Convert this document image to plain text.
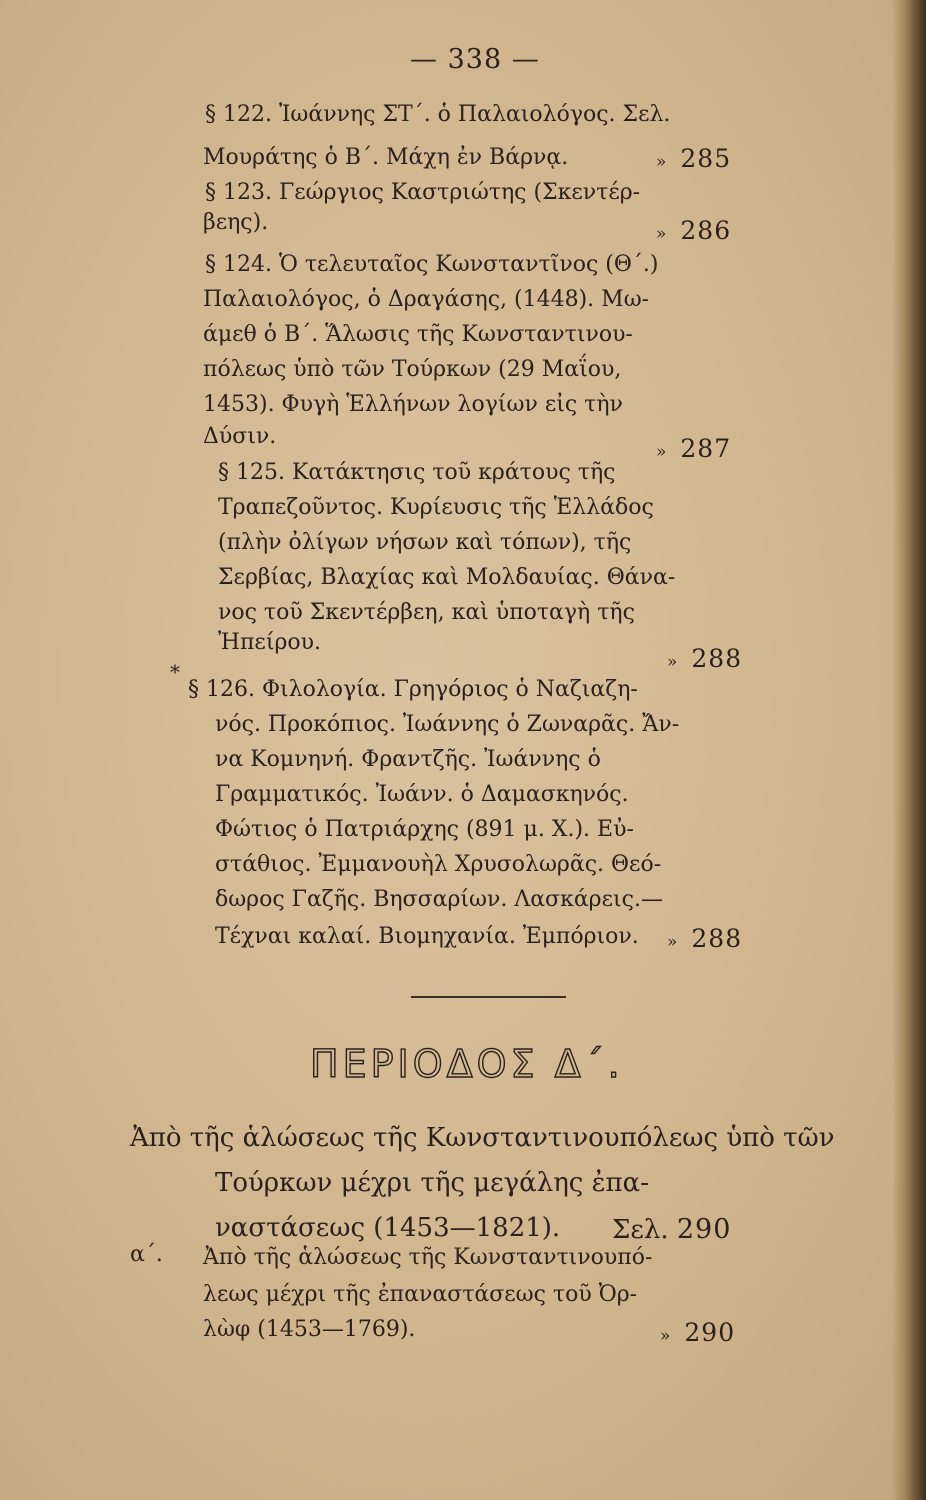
— 338 —
§ 122. Ἰωάννης ΣΤ΄. ὁ Παλαιολόγος. Σελ.
Μουράτης ὁ Β΄. Μάχη ἐν Βάρνᾳ.	» 285
§ 123. Γεώργιος Καστριώτης (Σκεντέρ-
βεης).	» 286
§ 124. Ὁ τελευταῖος Κωνσταντῖνος (Θ΄.)
Παλαιολόγος, ὁ Δραγάσης, (1448). Μω-
άμεθ ὁ Β΄. Ἅλωσις τῆς Κωνσταντινου-
πόλεως ὑπὸ τῶν Τούρκων (29 Μαΐου,
1453). Φυγὴ Ἑλλήνων λογίων εἰς τὴν
Δύσιν.
» 287
§ 125. Κατάκτησις τοῦ κράτους τῆς
Τραπεζοῦντος. Κυρίευσις τῆς Ἑλλάδος
(πλὴν ὀλίγων νήσων καὶ τόπων), τῆς
Σερβίας, Βλαχίας καὶ Μολδαυίας. Θάνα-
νος τοῦ Σκεντέρβεη, καὶ ὑποταγὴ τῆς
Ἠπείρου.
» 288
*
§ 126. Φιλολογία. Γρηγόριος ὁ Ναζιαζη-
νός. Προκόπιος. Ἰωάννης ὁ Ζωναρᾶς. Ἄν-
να Κομνηνή. Φραντζῆς. Ἰωάννης ὁ
Γραμματικός. Ἰωάνν. ὁ Δαμασκηνός.
Φώτιος ὁ Πατριάρχης (891 μ. Χ.). Εὐ-
στάθιος. Ἐμμανουὴλ Χρυσολωρᾶς. Θεό-
δωρος Γαζῆς. Βησσαρίων. Λασκάρεις.—
Τέχναι καλαί. Βιομηχανία. Ἐμπόριον. » 288
ΠΕΡΙΟΔΟΣ Δ΄.
Ἀπὸ τῆς ἁλώσεως τῆς Κωνσταντινουπόλεως ὑπὸ τῶν
Τούρκων μέχρι τῆς μεγάλης ἐπα-
ναστάσεως (1453—1821). Σελ. 290
α΄. Ἀπὸ τῆς ἁλώσεως τῆς Κωνσταντινουπό-
λεως μέχρι τῆς ἐπαναστάσεως τοῦ Ὀρ-
λὼφ (1453—1769).	» 290
